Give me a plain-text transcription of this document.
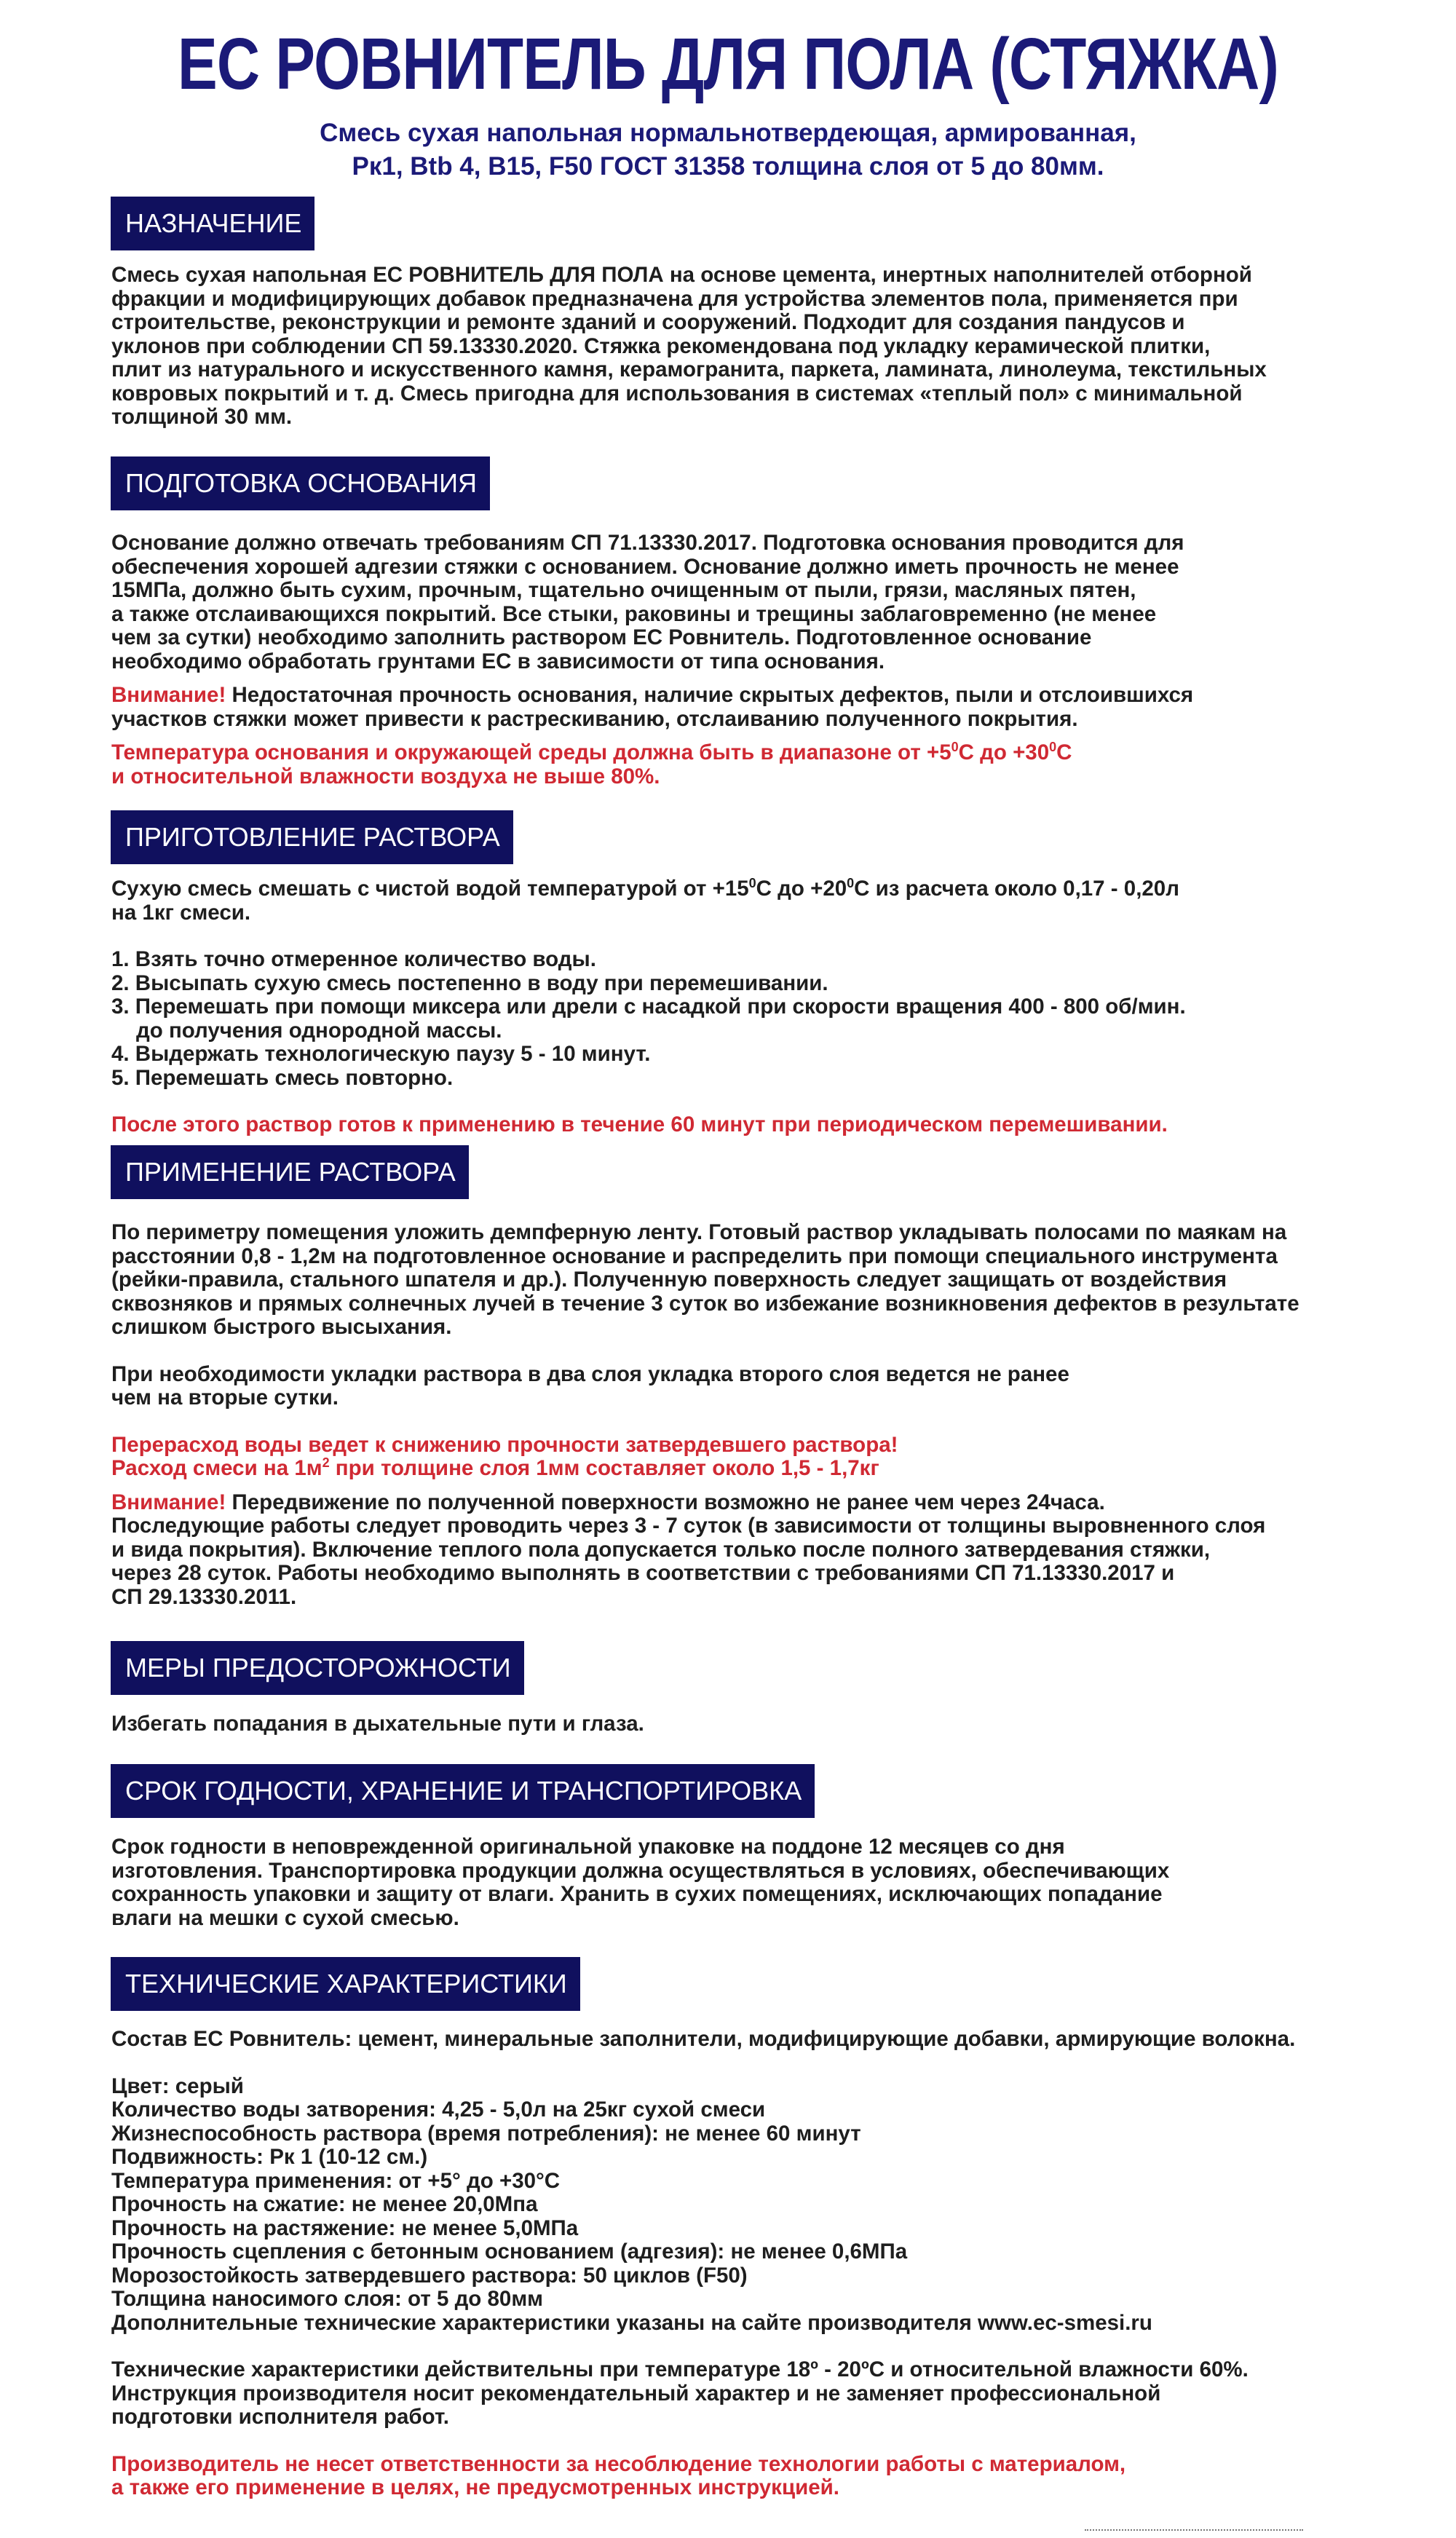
ЕС РОВНИТЕЛЬ ДЛЯ ПОЛА (СТЯЖКА)
Смесь сухая напольная нормальнотвердеющая, армированная,
Рк1, Btb 4, В15, F50 ГОСТ 31358 толщина слоя от 5 до 80мм.
НАЗНАЧЕНИЕ
Смесь сухая напольная ЕС РОВНИТЕЛЬ ДЛЯ ПОЛА на основе цемента, инертных наполнителей отборной
фракции и модифицирующих добавок предназначена для устройства элементов пола, применяется при
строительстве, реконструкции и ремонте зданий и сооружений. Подходит для создания пандусов и
уклонов при соблюдении СП 59.13330.2020. Стяжка рекомендована под укладку керамической плитки,
плит из натурального и искусственного камня, керамогранита, паркета, ламината, линолеума, текстильных
ковровых покрытий и т. д. Смесь пригодна для использования в системах «теплый пол» с минимальной
толщиной 30 мм.
ПОДГОТОВКА ОСНОВАНИЯ
Основание должно отвечать требованиям СП 71.13330.2017. Подготовка основания проводится для
обеспечения хорошей адгезии стяжки с основанием. Основание должно иметь прочность не менее
15МПа, должно быть сухим, прочным, тщательно очищенным от пыли, грязи, масляных пятен,
а также отслаивающихся покрытий. Все стыки, раковины и трещины заблаговременно (не менее
чем за сутки) необходимо заполнить раствором ЕС Ровнитель. Подготовленное основание
необходимо обработать грунтами ЕС в зависимости от типа основания.
Внимание! Недостаточная прочность основания, наличие скрытых дефектов, пыли и отслоившихся
участков стяжки может привести к растрескиванию, отслаиванию полученного покрытия.
Температура основания и окружающей среды должна быть в диапазоне от $+5^0С$ до $+30^0С$
и относительной влажности воздуха не выше 80%.
ПРИГОТОВЛЕНИЕ РАСТВОРА
Сухую смесь смешать с чистой водой температурой от $+15^0С$ до $+20^0С$ из расчета около 0,17 - 0,20л
на 1кг смеси.
1. Взять точно отмеренное количество воды.
2. Высыпать сухую смесь постепенно в воду при перемешивании.
3. Перемешать при помощи миксера или дрели с насадкой при скорости вращения 400 - 800 об/мин.
до получения однородной массы.
4. Выдержать технологическую паузу 5 - 10 минут.
5. Перемешать смесь повторно.
После этого раствор готов к применению в течение 60 минут при периодическом перемешивании.
ПРИМЕНЕНИЕ РАСТВОРА
По периметру помещения уложить демпферную ленту. Готовый раствор укладывать полосами по маякам на
расстоянии 0,8 - 1,2м на подготовленное основание и распределить при помощи специального инструмента
(рейки-правила, стального шпателя и др.). Полученную поверхность следует защищать от воздействия
сквозняков и прямых солнечных лучей в течение 3 суток во избежание возникновения дефектов в результате
слишком быстрого высыхания.
При необходимости укладки раствора в два слоя укладка второго слоя ведется не ранее
чем на вторые сутки.
Перерасход воды ведет к снижению прочности затвердевшего раствора!
Расход смеси на $1м^2$ при толщине слоя 1мм составляет около 1,5 - 1,7кг
Внимание! Передвижение по полученной поверхности возможно не ранее чем через 24часа.
Последующие работы следует проводить через 3 - 7 суток (в зависимости от толщины выровненного слоя
и вида покрытия). Включение теплого пола допускается только после полного затвердевания стяжки,
через 28 суток. Работы необходимо выполнять в соответствии с требованиями СП 71.13330.2017 и
СП 29.13330.2011.
МЕРЫ ПРЕДОСТОРОЖНОСТИ
Избегать попадания в дыхательные пути и глаза.
СРОК ГОДНОСТИ, ХРАНЕНИЕ И ТРАНСПОРТИРОВКА
Срок годности в неповрежденной оригинальной упаковке на поддоне 12 месяцев со дня
изготовления. Транспортировка продукции должна осуществляться в условиях, обеспечивающих
сохранность упаковки и защиту от влаги. Хранить в сухих помещениях, исключающих попадание
влаги на мешки с сухой смесью.
ТЕХНИЧЕСКИЕ ХАРАКТЕРИСТИКИ
Состав ЕС Ровнитель: цемент, минеральные заполнители, модифицирующие добавки, армирующие волокна.
Цвет: серый
Количество воды затворения: 4,25 - 5,0л на 25кг сухой смеси
Жизнеспособность раствора (время потребления): не менее 60 минут
Подвижность: Рк 1 (10-12 см.)
Температура применения: от +5° до +30°С
Прочность на сжатие: не менее 20,0Мпа
Прочность на растяжение: не менее 5,0МПа
Прочность сцепления с бетонным основанием (адгезия): не менее 0,6МПа
Морозостойкость затвердевшего раствора: 50 циклов (F50)
Толщина наносимого слоя: от 5 до 80мм
Дополнительные технические характеристики указаны на сайте производителя www.ec-smesi.ru
Технические характеристики действительны при температуре 18º - 20ºС и относительной влажности 60%.
Инструкция производителя носит рекомендательный характер и не заменяет профессиональной
подготовки исполнителя работ.
Производитель не несет ответственности за несоблюдение технологии работы с материалом,
а также его применение в целях, не предусмотренных инструкцией.
